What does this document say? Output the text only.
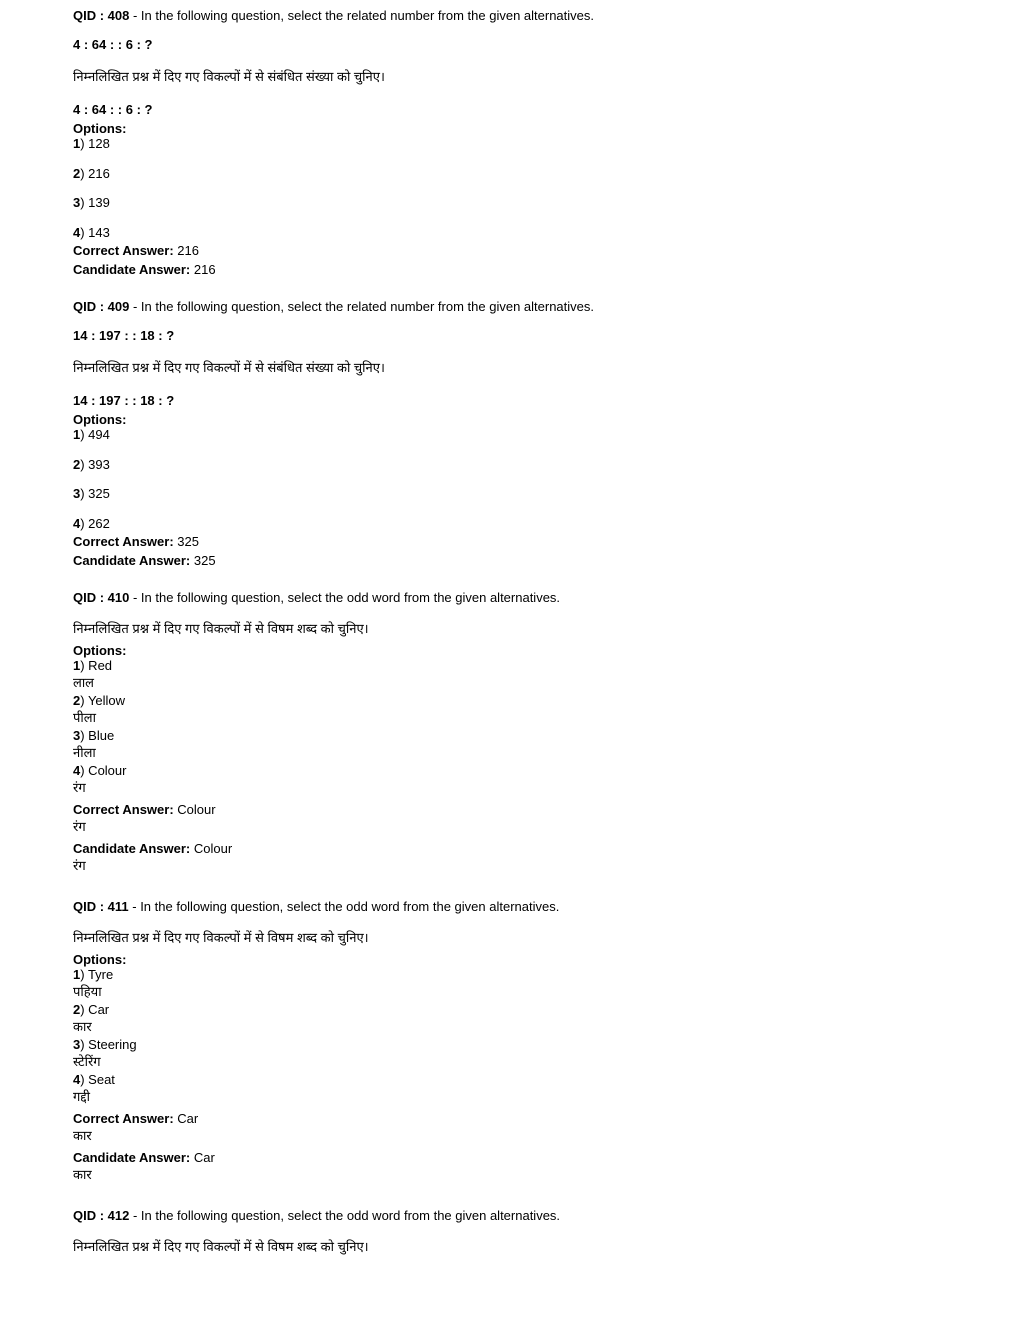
QID : 408 - In the following question, select the related number from the given alternatives.
4 : 64 : : 6 : ?
निम्नलिखित प्रश्न में दिए गए विकल्पों में से संबंधित संख्या को चुनिए।
4 : 64 : : 6 : ?
Options:
1) 128
2) 216
3) 139
4) 143
Correct Answer: 216
Candidate Answer: 216
QID : 409 - In the following question, select the related number from the given alternatives.
14 : 197 : : 18 : ?
निम्नलिखित प्रश्न में दिए गए विकल्पों में से संबंधित संख्या को चुनिए।
14 : 197 : : 18 : ?
Options:
1) 494
2) 393
3) 325
4) 262
Correct Answer: 325
Candidate Answer: 325
QID : 410 - In the following question, select the odd word from the given alternatives.
निम्नलिखित प्रश्न में दिए गए विकल्पों में से विषम शब्द को चुनिए।
Options:
1) Red
लाल
2) Yellow
पीला
3) Blue
नीला
4) Colour
रंग
Correct Answer: Colour
रंग
Candidate Answer: Colour
रंग
QID : 411 - In the following question, select the odd word from the given alternatives.
निम्नलिखित प्रश्न में दिए गए विकल्पों में से विषम शब्द को चुनिए।
Options:
1) Tyre
पहिया
2) Car
कार
3) Steering
स्टेरिंग
4) Seat
गद्दी
Correct Answer: Car
कार
Candidate Answer: Car
कार
QID : 412 - In the following question, select the odd word from the given alternatives.
निम्नलिखित प्रश्न में दिए गए विकल्पों में से विषम शब्द को चुनिए।
